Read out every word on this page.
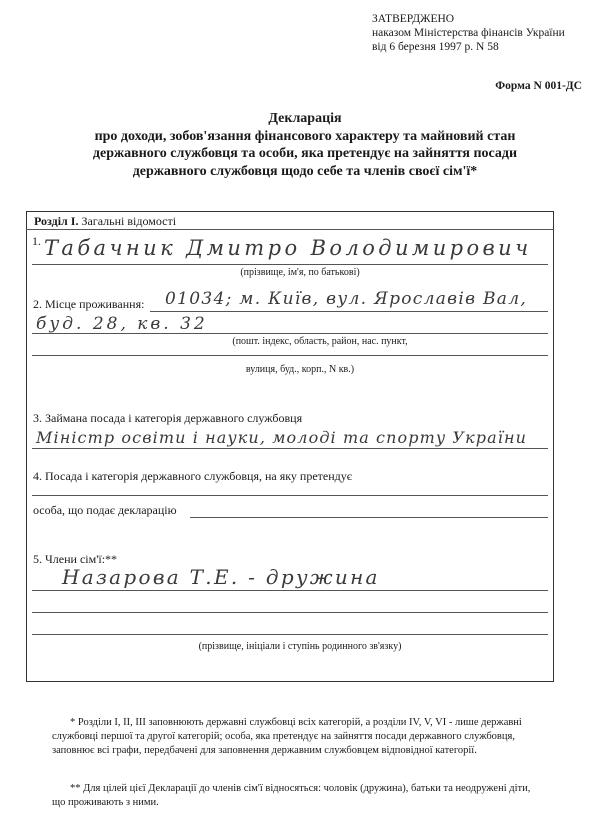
ЗАТВЕРДЖЕНО
наказом Міністерства фінансів України
від 6 березня 1997 р. N 58
Форма N 001-ДС
Декларація
про доходи, зобов'язання фінансового характеру та майновий стан
державного службовця та особи, яка претендує на зайняття посади
державного службовця щодо себе та членів своєї сім'ї*
Розділ I. Загальні відомості
1. Табачник Дмитро Володимирович
(прізвище, ім'я, по батькові)
2. Місце проживання: 01034; м. Київ, вул. Ярославів Вал,
буд. 28, кв. 32
(пошт. індекс, область, район, нас. пункт,
вулиця, буд., корп., N кв.)
3. Займана посада і категорія державного службовця
Міністр освіти і науки, молоді та спорту України
4. Посада і категорія державного службовця, на яку претендує
особа, що подає декларацію
5. Члени сім'ї:**
Назарова Т.Е. - дружина
(прізвище, ініціали і ступінь родинного зв'язку)
* Розділи I, II, III заповнюють державні службовці всіх категорій, а розділи IV, V, VI - лише державні
службовці першої та другої категорій; особа, яка претендує на зайняття посади державного службовця,
заповнює всі графи, передбачені для заповнення державним службовцем відповідної категорії.
** Для цілей цієї Декларації до членів сім'ї відносяться: чоловік (дружина), батьки та неодружені діти,
що проживають з ними.
